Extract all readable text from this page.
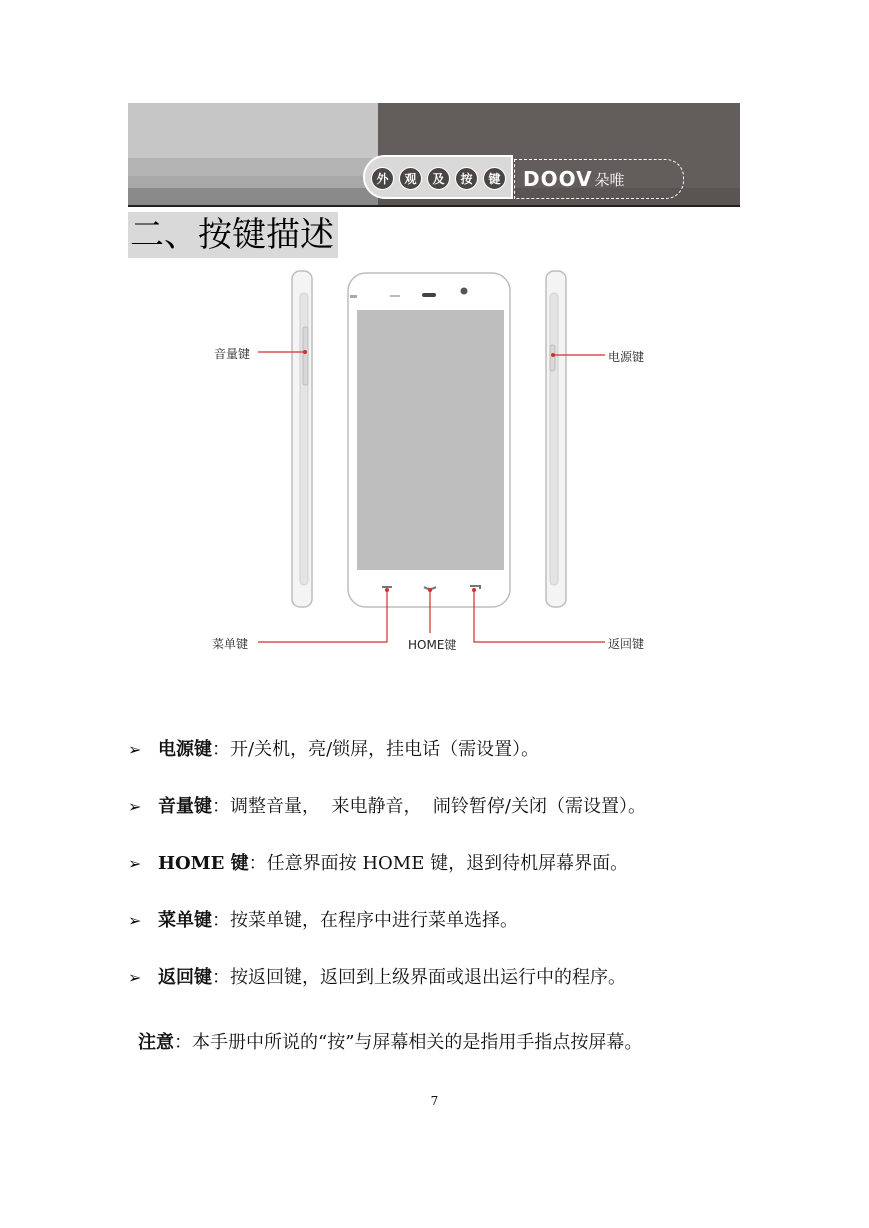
外	观	及	按	键 DOOV 朵唯
二、按键描述
音量键	电源键
菜单键	HOME键	返回键
➢ 电源键 ：开/关机，亮/锁屏，挂电话（需设置）。
➢ 音量键 ：调整音量，  来电静音，  闹铃暂停/关闭（需设置）。
➢ HOME 键 ：任意界面按 HOME 键，退到待机屏幕界面。
➢ 菜单键 ：按菜单键，在程序中进行菜单选择。
➢ 返回键 ：按返回键，返回到上级界面或退出运行中的程序。
注意：本手册中所说的“按”与屏幕相关的是指用手指点按屏幕。
7
